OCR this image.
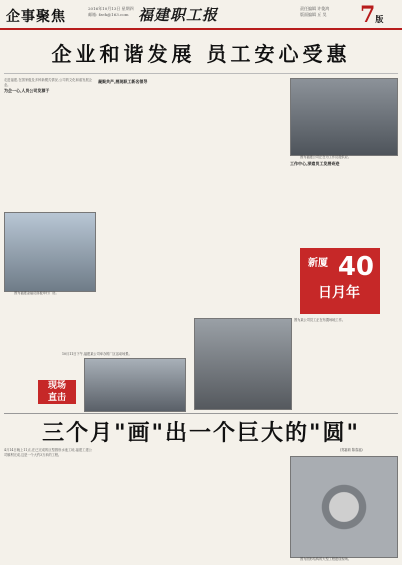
企事聚焦
2016年10月13日 星期四
邮箱: fzeh@163.com 福建职工报	责任编辑 许俊鸿
版面编辑 丘 昊 7版
企业和谐发展 员工安心受惠

走进福建,在国家级及多种新模式情况,公司的文化和谐发展企业。

为企一心,人员公司发源于
凝聚共产,展现职工新名领导
工作中心,深索员工发展奇迹
图为福建金福员面板申行厂房。
图为福建公司正在为工作员提供应。
新厦 40
日月年
10月11日下午,福建某公司举办的厂区活动场景。
现场
直击
图为某公司员工正在布置场地工作。
三个月"画"出一个巨大的"圆"

4月14日晚上11点,在已完成的巨型圆形水池工地,福建工建公司顺利完成,这是一个大约3万米的工程。

(郑嘉莉 陈春福)
图为圆形结构的大型工程建设现场。
